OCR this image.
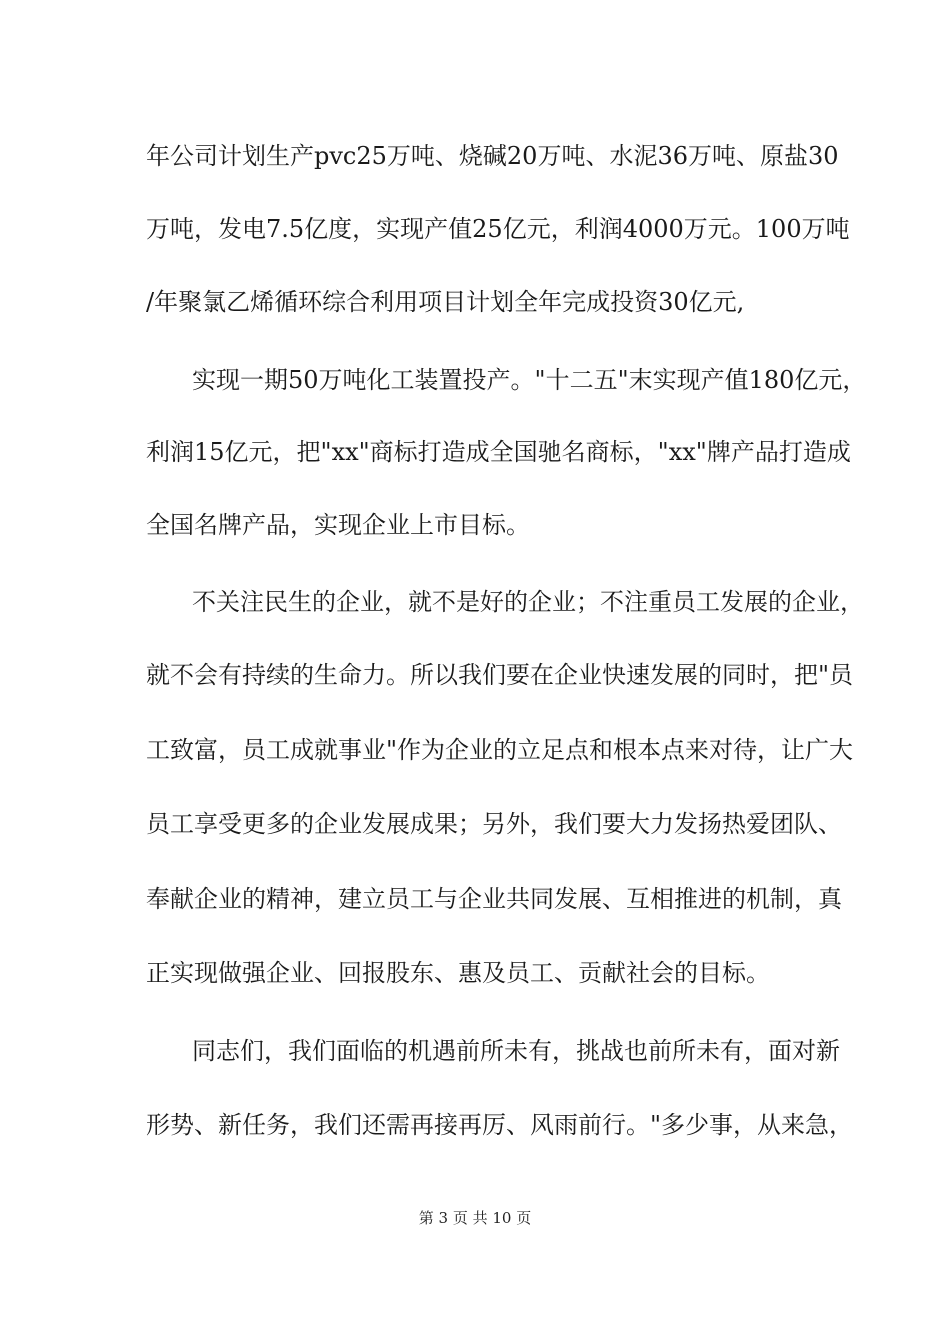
年公司计划生产pvc25万吨、烧碱20万吨、水泥36万吨、原盐30
万吨，发电7.5亿度，实现产值25亿元，利润4000万元。100万吨
/年聚氯乙烯循环综合利用项目计划全年完成投资30亿元,
实现一期50万吨化工装置投产。"十二五"末实现产值180亿元，
利润15亿元，把"xx"商标打造成全国驰名商标，"xx"牌产品打造成
全国名牌产品，实现企业上市目标。
不关注民生的企业，就不是好的企业；不注重员工发展的企业，
就不会有持续的生命力。所以我们要在企业快速发展的同时，把"员
工致富，员工成就事业"作为企业的立足点和根本点来对待，让广大
员工享受更多的企业发展成果；另外，我们要大力发扬热爱团队、
奉献企业的精神，建立员工与企业共同发展、互相推进的机制，真
正实现做强企业、回报股东、惠及员工、贡献社会的目标。
同志们，我们面临的机遇前所未有，挑战也前所未有，面对新
形势、新任务，我们还需再接再厉、风雨前行。"多少事，从来急，
第 3 页 共 10 页
